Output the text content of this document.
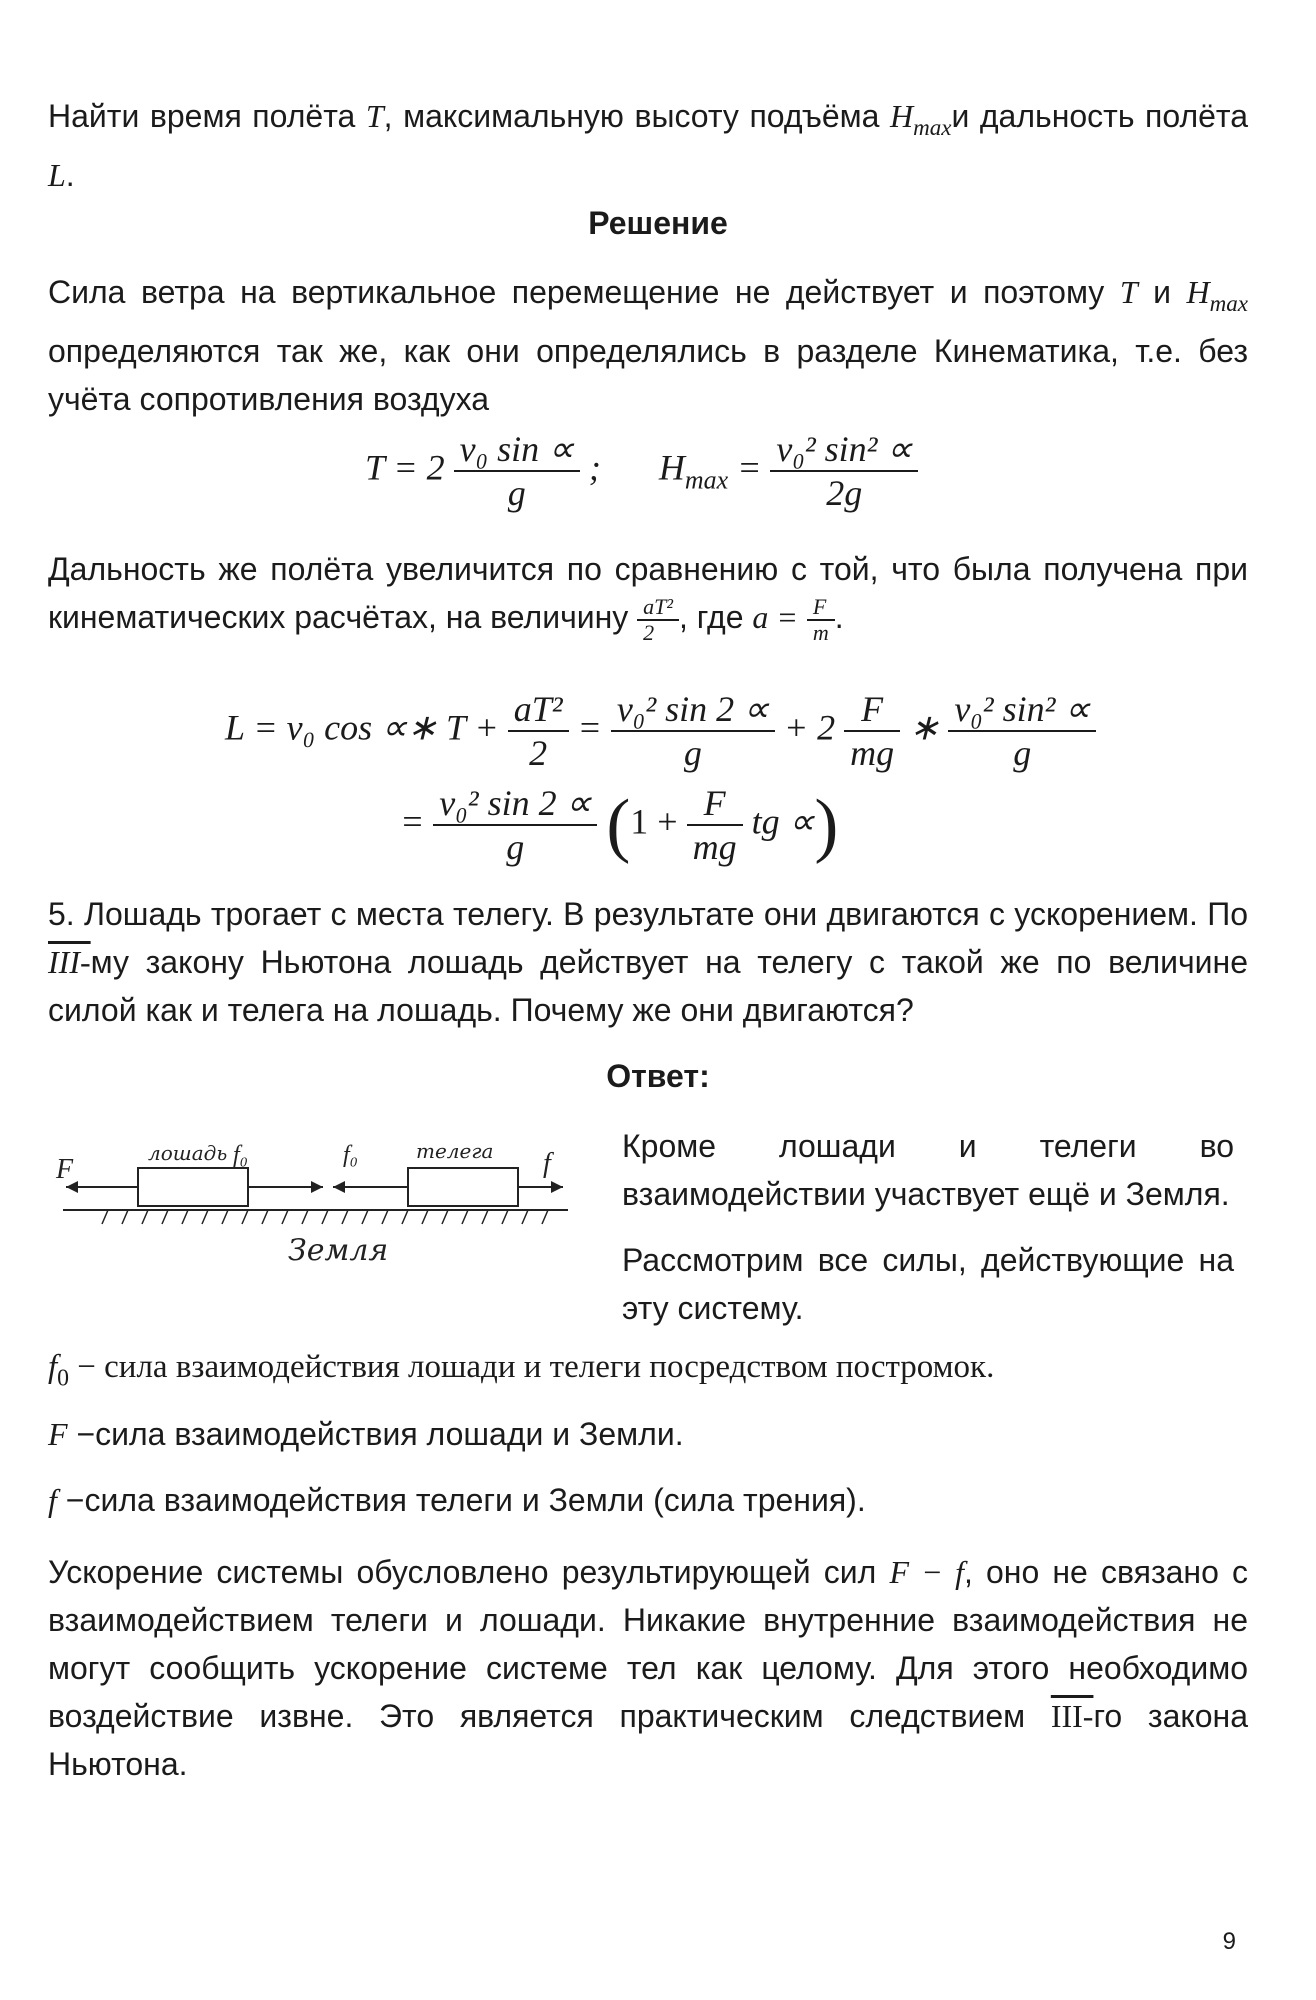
Найти время полёта T, максимальную высоту подъёма $H_{max}и$ дальность полёта L.
Решение
Сила ветра на вертикальное перемещение не действует и поэтому T и $H_{max}$ определяются так же, как они определялись в разделе Кинематика, т.е. без учёта сопротивления воздуха
$T = 2 \frac{\text{v₀ sin ∝}}{g}$ ; $H_{max} = \frac{\text{v₀² sin² ∝}}{2g}$
Дальность же полёта увеличится по сравнению с той, что была получена при кинематических расчётах, на величину $\frac{\text{aT²}}{2}$ , где $a = \frac{F}{m}$ .
L = v₀ cos ∝∗ $T + \frac{\text{aT²}}{2} = \frac{\text{v₀² sin 2 ∝}}{g} + 2 \frac{F}{mg}$ ∗ $\frac{\text{v₀² sin² ∝}}{g}$
= $\frac{\text{v₀² sin 2 ∝}}{g} (1 + \frac{F}{mg}$ tg ∝)
5. Лошадь трогает с места телегу. В результате они двигаются с ускорением. По III-му закону Ньютона лошадь действует на телегу с такой же по величине силой как и телега на лошадь. Почему же они двигаются?
Ответ:
F
лошадь f₀	f₀	телега f
Земля
Кроме лошади и телеги во взаимодействии участвует ещё и Земля.
Рассмотрим все силы, действующие на эту систему.
$f_0$ − сила взаимодействия лошади и телеги посредством постромок.
F −сила взаимодействия лошади и Земли.
f −сила взаимодействия телеги и Земли (сила трения).
Ускорение системы обусловлено результирующей сил F − f, оно не связано с взаимодействием телеги и лошади. Никакие внутренние взаимодействия не могут сообщить ускорение системе тел как целому. Для этого необходимо воздействие извне. Это является практическим следствием III-го закона Ньютона.
9
